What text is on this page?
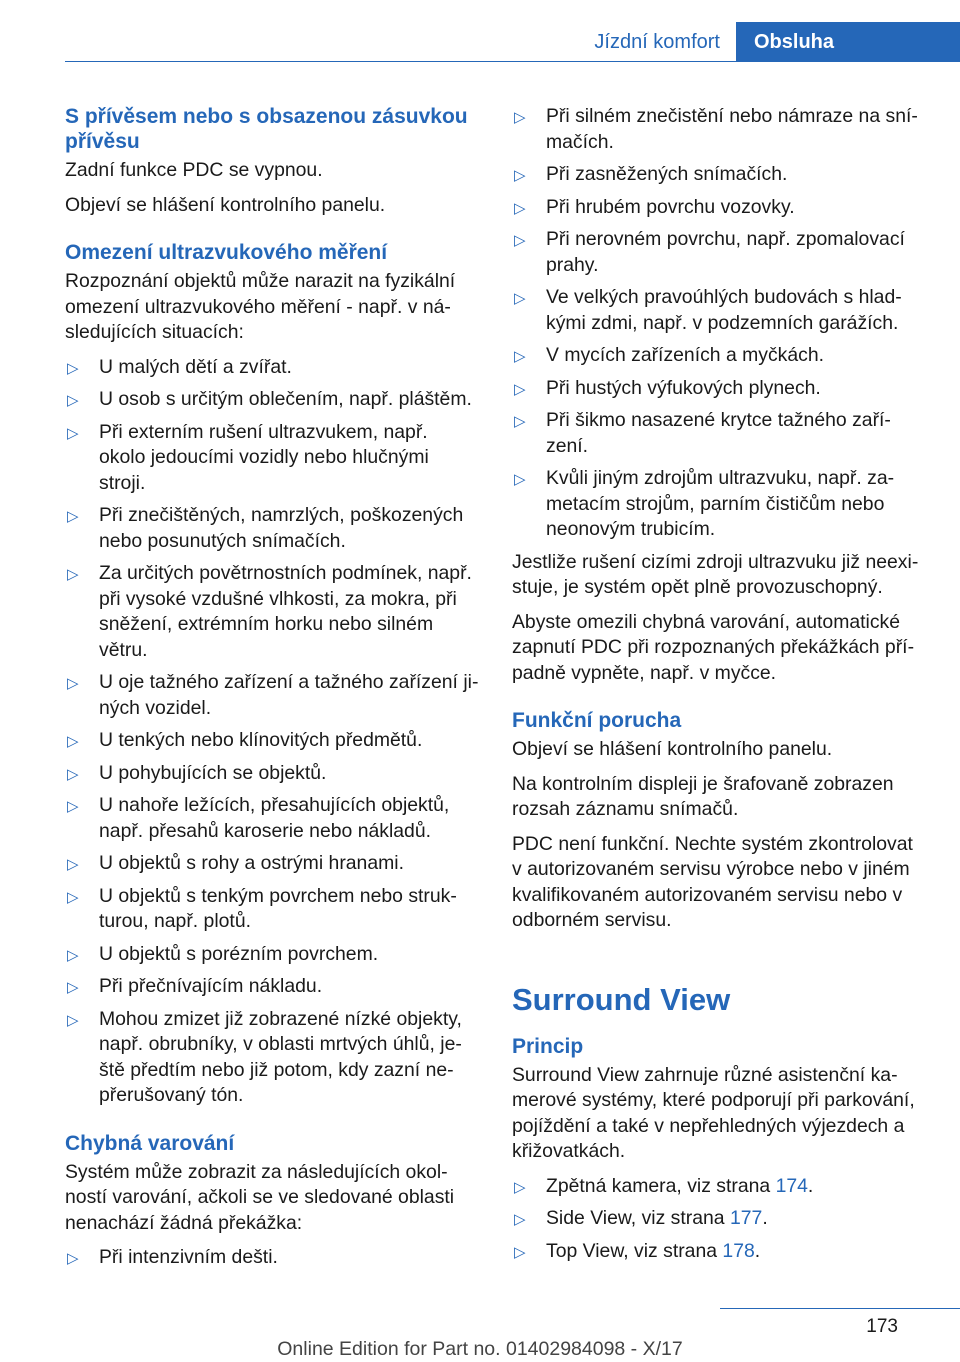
Jízdní komfort	Obsluha
S přívěsem nebo s obsazenou zásuvkou přívěsu

Zadní funkce PDC se vypnou.

Objeví se hlášení kontrolního panelu.

Omezení ultrazvukového měření

Rozpoznání objektů může narazit na fyzikální omezení ultrazvukového měření - např. v následujících situacích:

▷ U malých dětí a zvířat.
▷ U osob s určitým oblečením, např. pláštěm.
▷ Při externím rušení ultrazvukem, např. okolo jedoucími vozidly nebo hlučnými stroji.
▷ Při znečištěných, namrzlých, poškozených nebo posunutých snímačích.
▷ Za určitých povětrnostních podmínek, např. při vysoké vzdušné vlhkosti, za mokra, při sněžení, extrémním horku nebo silném větru.
▷ U oje tažného zařízení a tažného zařízení jiných vozidel.
▷ U tenkých nebo klínovitých předmětů.
▷ U pohybujících se objektů.
▷ U nahoře ležících, přesahujících objektů, např. přesahů karoserie nebo nákladů.
▷ U objektů s rohy a ostrými hranami.
▷ U objektů s tenkým povrchem nebo strukturou, např. plotů.
▷ U objektů s porézním povrchem.
▷ Při přečnívajícím nákladu.
▷ Mohou zmizet již zobrazené nízké objekty, např. obrubníky, v oblasti mrtvých úhlů, ještě předtím nebo již potom, kdy zazní nepřerušovaný tón.
Chybná varování

Systém může zobrazit za následujících okolností varování, ačkoli se ve sledované oblasti nenachází žádná překážka:

▷ Při intenzivním dešti.
▷ Při silném znečistění nebo námraze na snímačích.
▷ Při zasněžených snímačích.
▷ Při hrubém povrchu vozovky.
▷ Při nerovném povrchu, např. zpomalovací prahy.
▷ Ve velkých pravoúhlých budovách s hladkými zdmi, např. v podzemních garážích.
▷ V mycích zařízeních a myčkách.
▷ Při hustých výfukových plynech.
▷ Při šikmo nasazené krytce tažného zařízení.
▷ Kvůli jiným zdrojům ultrazvuku, např. zametacím strojům, parním čističům nebo neonovým trubicím.

Jestliže rušení cizími zdroji ultrazvuku již neexistuje, je systém opět plně provozuschopný.

Abyste omezili chybná varování, automatické zapnutí PDC při rozpoznaných překážkách případně vypněte, např. v myčce.

Funkční porucha

Objeví se hlášení kontrolního panelu.

Na kontrolním displeji je šrafovaně zobrazen rozsah záznamu snímačů.

PDC není funkční. Nechte systém zkontrolovat v autorizovaném servisu výrobce nebo v jiném kvalifikovaném autorizovaném servisu nebo v odborném servisu.

Surround View
Princip

Surround View zahrnuje různé asistenční kamerové systémy, které podporují při parkování, pojíždění a také v nepřehledných výjezdech a křižovatkách.

▷ Zpětná kamera, viz strana 174.
▷ Side View, viz strana 177.
▷ Top View, viz strana 178.
173
Online Edition for Part no. 01402984098 - X/17
